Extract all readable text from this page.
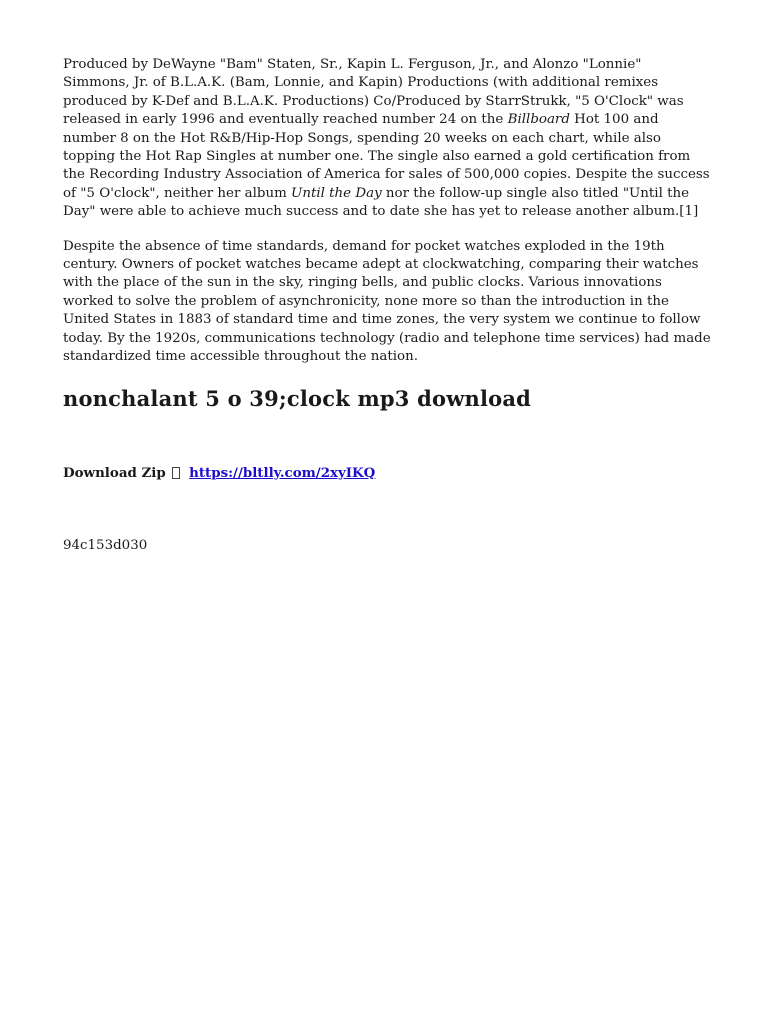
Produced by DeWayne "Bam" Staten, Sr., Kapin L. Ferguson, Jr., and Alonzo "Lonnie" Simmons, Jr. of B.L.A.K. (Bam, Lonnie, and Kapin) Productions (with additional remixes produced by K-Def and B.L.A.K. Productions) Co/Produced by StarrStrukk, "5 O'Clock" was released in early 1996 and eventually reached number 24 on the Billboard Hot 100 and number 8 on the Hot R&B/Hip-Hop Songs, spending 20 weeks on each chart, while also topping the Hot Rap Singles at number one. The single also earned a gold certification from the Recording Industry Association of America for sales of 500,000 copies. Despite the success of "5 O'clock", neither her album Until the Day nor the follow-up single also titled "Until the Day" were able to achieve much success and to date she has yet to release another album.[1]

Despite the absence of time standards, demand for pocket watches exploded in the 19th century. Owners of pocket watches became adept at clockwatching, comparing their watches with the place of the sun in the sky, ringing bells, and public clocks. Various innovations worked to solve the problem of asynchronicity, none more so than the introduction in the United States in 1883 of standard time and time zones, the very system we continue to follow today. By the 1920s, communications technology (radio and telephone time services) had made standardized time accessible throughout the nation.

nonchalant 5 o 39;clock mp3 download
Download Zip https://bltlly.com/2xyIKQ
94c153d030
